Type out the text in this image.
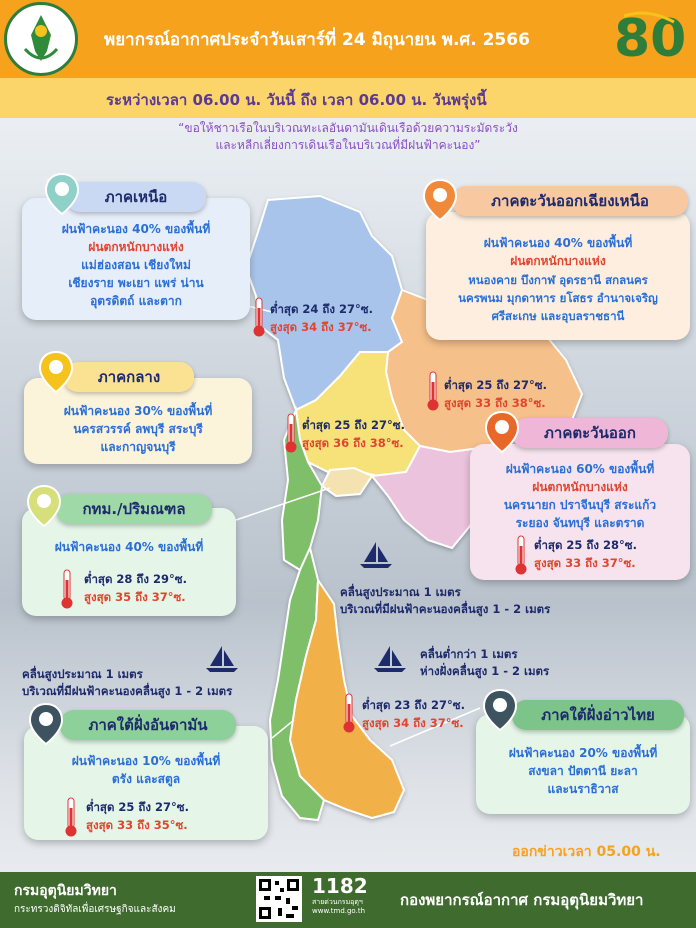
พยากรณ์อากาศประจำวันเสาร์ที่ 24 มิถุนายน พ.ศ. 2566 80
ระหว่างเวลา 06.00 น. วันนี้ ถึง เวลา 06.00 น. วันพรุ่งนี้
“ขอให้ชาวเรือในบริเวณทะเลอันดามันเดินเรือด้วยความระมัดระวัง
และหลีกเลี่ยงการเดินเรือในบริเวณที่มีฝนฟ้าคะนอง”
ฝนฟ้าคะนอง 40% ของพื้นที่
ฝนตกหนักบางแห่ง
แม่ฮ่องสอน เชียงใหม่
เชียงราย พะเยา แพร่ น่าน
อุตรดิตถ์ และตาก
ภาคเหนือ
ต่ำสุด 24 ถึง 27°ซ.
สูงสุด 34 ถึง 37°ซ.
ฝนฟ้าคะนอง 40% ของพื้นที่
ฝนตกหนักบางแห่ง
หนองคาย บึงกาฬ อุดรธานี สกลนคร
นครพนม มุกดาหาร ยโสธร อำนาจเจริญ
ศรีสะเกษ และอุบลราชธานี
ภาคตะวันออกเฉียงเหนือ
ต่ำสุด 25 ถึง 27°ซ.
สูงสุด 33 ถึง 38°ซ.
ฝนฟ้าคะนอง 30% ของพื้นที่
นครสวรรค์ ลพบุรี สระบุรี
และกาญจนบุรี
ภาคกลาง
ต่ำสุด 25 ถึง 27°ซ.
สูงสุด 36 ถึง 38°ซ.
ฝนฟ้าคะนอง 60% ของพื้นที่
ฝนตกหนักบางแห่ง
นครนายก ปราจีนบุรี สระแก้ว
ระยอง จันทบุรี และตราด
ต่ำสุด 25 ถึง 28°ซ.
สูงสุด 33 ถึง 37°ซ.
ภาคตะวันออก
ฝนฟ้าคะนอง 40% ของพื้นที่
ต่ำสุด 28 ถึง 29°ซ.
สูงสุด 35 ถึง 37°ซ.
กทม./ปริมณฑล
คลื่นสูงประมาณ 1 เมตร
บริเวณที่มีฝนฟ้าคะนองคลื่นสูง 1 - 2 เมตร
คลื่นต่ำกว่า 1 เมตร
ห่างฝั่งคลื่นสูง 1 - 2 เมตร
คลื่นสูงประมาณ 1 เมตร
บริเวณที่มีฝนฟ้าคะนองคลื่นสูง 1 - 2 เมตร
ฝนฟ้าคะนอง 10% ของพื้นที่
ตรัง และสตูล
ต่ำสุด 25 ถึง 27°ซ.
สูงสุด 33 ถึง 35°ซ.
ภาคใต้ฝั่งอันดามัน
ต่ำสุด 23 ถึง 27°ซ.
สูงสุด 34 ถึง 37°ซ.
ฝนฟ้าคะนอง 20% ของพื้นที่
สงขลา ปัตตานี ยะลา
และนราธิวาส
ภาคใต้ฝั่งอ่าวไทย
ออกข่าวเวลา 05.00 น.
กรมอุตุนิยมวิทยา
กระทรวงดิจิทัลเพื่อเศรษฐกิจและสังคม
1182
สายด่วนกรมอุตุฯ
www.tmd.go.th
กองพยากรณ์อากาศ กรมอุตุนิยมวิทยา
